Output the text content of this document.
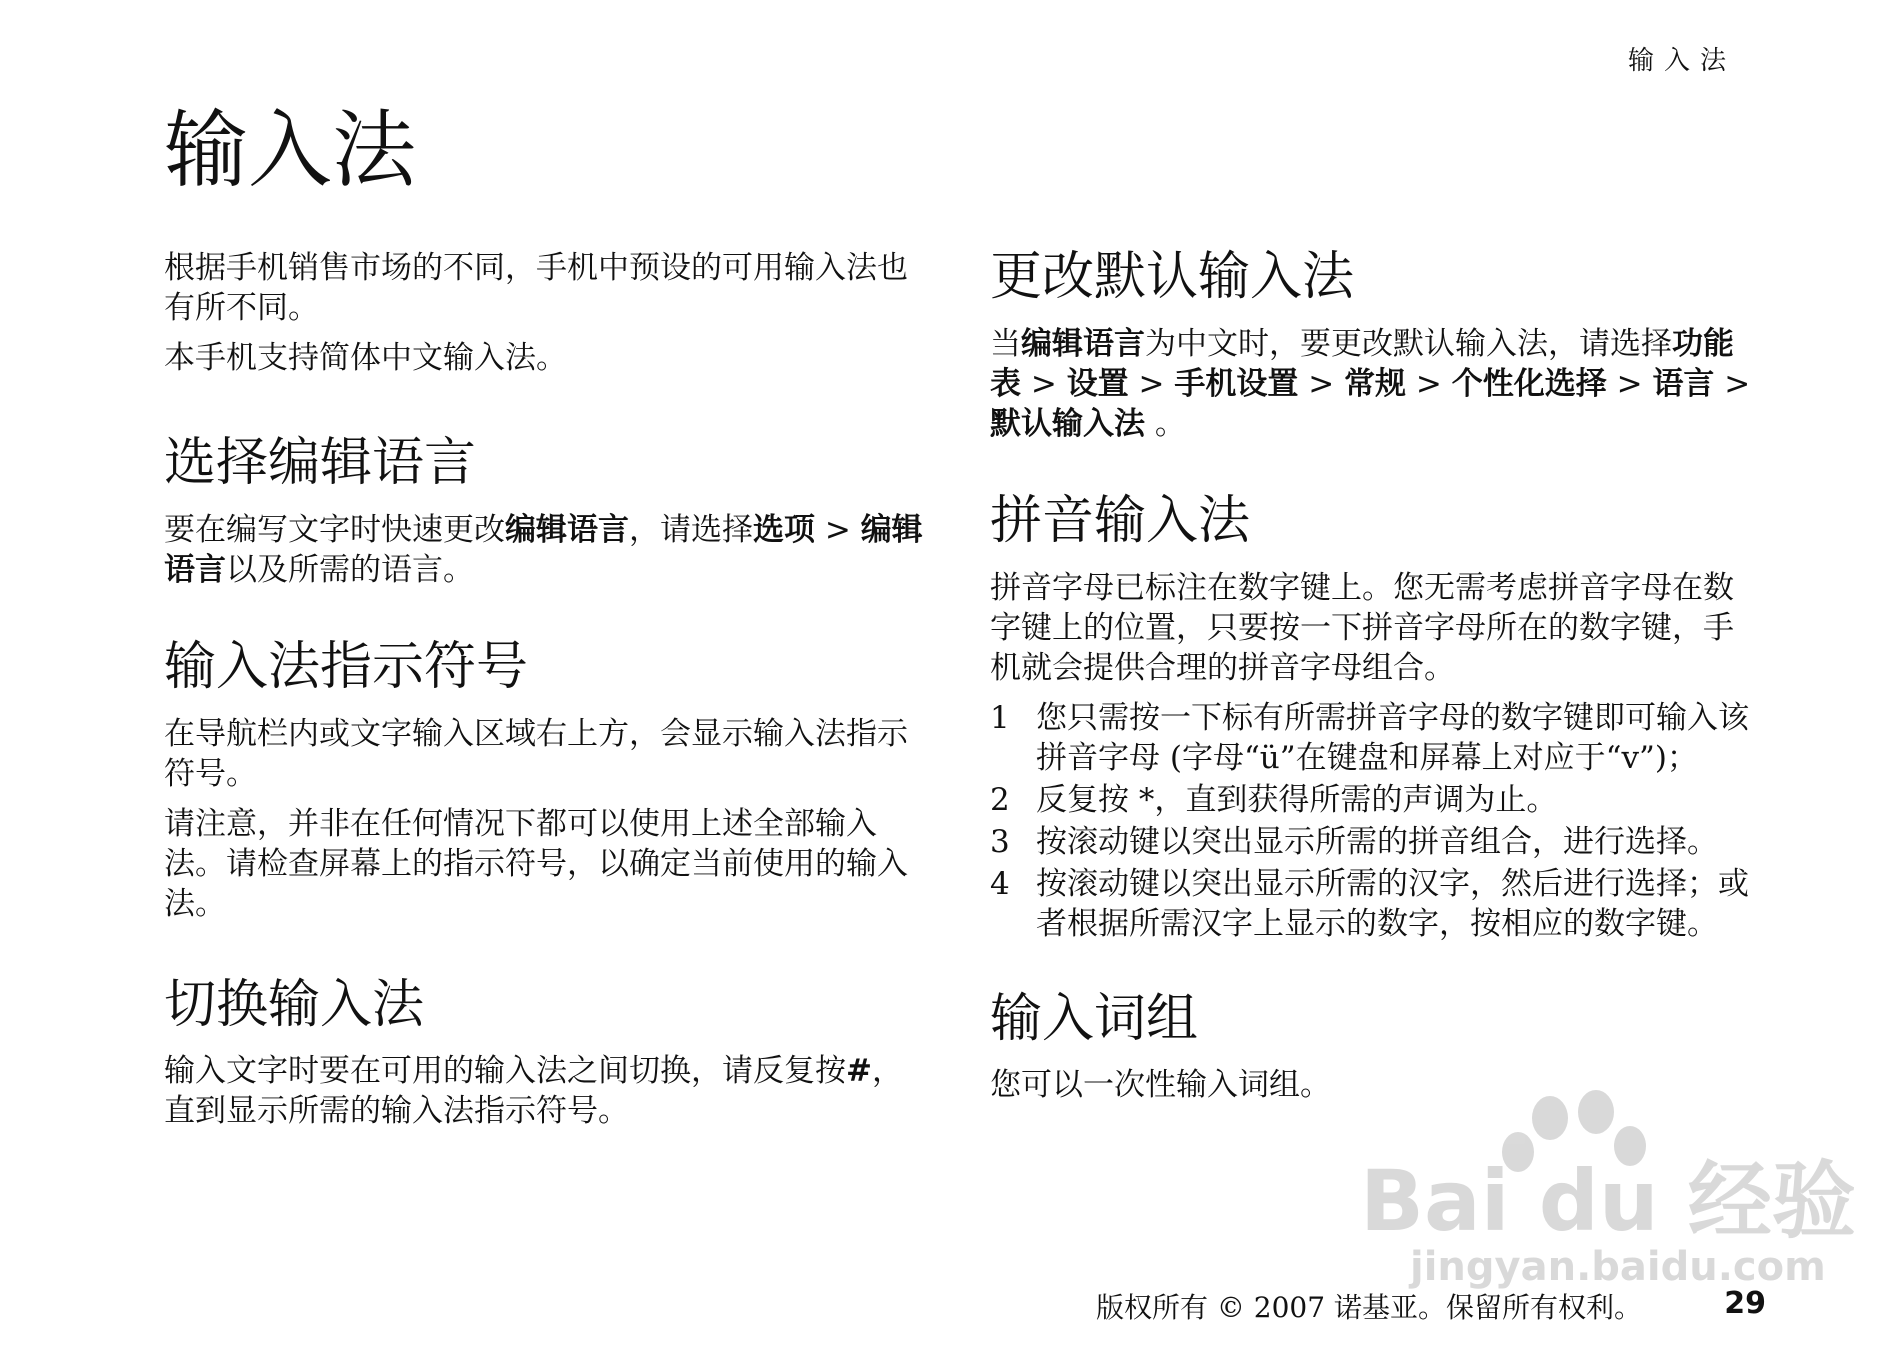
输入法
输入法

根据手机销售市场的不同，手机中预设的可用输入法也有所不同。

本手机支持简体中文输入法。

选择编辑语言

要在编写文字时快速更改编辑语言，请选择选项 > 编辑语言以及所需的语言。

输入法指示符号

在导航栏内或文字输入区域右上方，会显示输入法指示符号。

请注意，并非在任何情况下都可以使用上述全部输入法。请检查屏幕上的指示符号，以确定当前使用的输入法。

切换输入法

输入文字时要在可用的输入法之间切换，请反复按#，直到显示所需的输入法指示符号。

更改默认输入法

当编辑语言为中文时，要更改默认输入法，请选择功能表 > 设置 > 手机设置 > 常规 > 个性化选择 > 语言 > 默认输入法 。

拼音输入法

拼音字母已标注在数字键上。您无需考虑拼音字母在数字键上的位置，只要按一下拼音字母所在的数字键，手机就会提供合理的拼音字母组合。

1 您只需按一下标有所需拼音字母的数字键即可输入该拼音字母 (字母“ü”在键盘和屏幕上对应于“v”)；
2 反复按 *，直到获得所需的声调为止。
3 按滚动键以突出显示所需的拼音组合，进行选择。
4 按滚动键以突出显示所需的汉字，然后进行选择；或者根据所需汉字上显示的数字，按相应的数字键。
输入词组

您可以一次性输入词组。

Bai du 经验
jingyan.baidu.com
版权所有 © 2007 诺基亚。保留所有权利。	29
